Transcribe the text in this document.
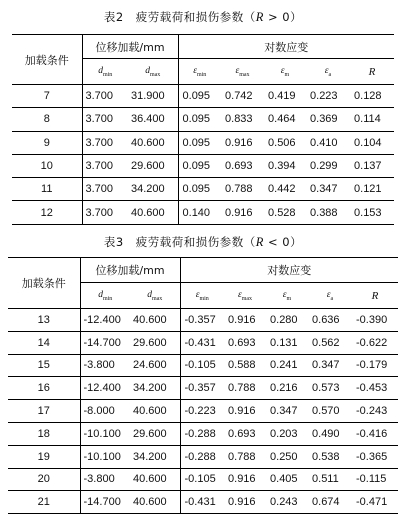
表2　疲劳载荷和损伤参数（R > 0）
加载条件	位移加载/mm		对数应变				
	$d_{min}$	$d_{max}$	$\varepsilon_{min}$	$\varepsilon_{max}$	$\varepsilon_m$	$\varepsilon_a$	R
7	3.700	31.900	0.095	0.742	0.419	0.223	0.128
8	3.700	36.400	0.095	0.833	0.464	0.369	0.114
9	3.700	40.600	0.095	0.916	0.506	0.410	0.104
10	3.700	29.600	0.095	0.693	0.394	0.299	0.137
11	3.700	34.200	0.095	0.788	0.442	0.347	0.121
12	3.700	40.600	0.140	0.916	0.528	0.388	0.153
表3　疲劳载荷和损伤参数（R < 0）
加载条件	位移加载/mm		对数应变				
	$d_{min}$	$d_{max}$	$\varepsilon_{min}$	$\varepsilon_{max}$	$\varepsilon_m$	$\varepsilon_a$	R
13	-12.400	40.600	-0.357	0.916	0.280	0.636	-0.390
14	-14.700	29.600	-0.431	0.693	0.131	0.562	-0.622
15	-3.800	24.600	-0.105	0.588	0.241	0.347	-0.179
16	-12.400	34.200	-0.357	0.788	0.216	0.573	-0.453
17	-8.000	40.600	-0.223	0.916	0.347	0.570	-0.243
18	-10.100	29.600	-0.288	0.693	0.203	0.490	-0.416
19	-10.100	34.200	-0.288	0.788	0.250	0.538	-0.365
20	-3.800	40.600	-0.105	0.916	0.405	0.511	-0.115
21	-14.700	40.600	-0.431	0.916	0.243	0.674	-0.471
